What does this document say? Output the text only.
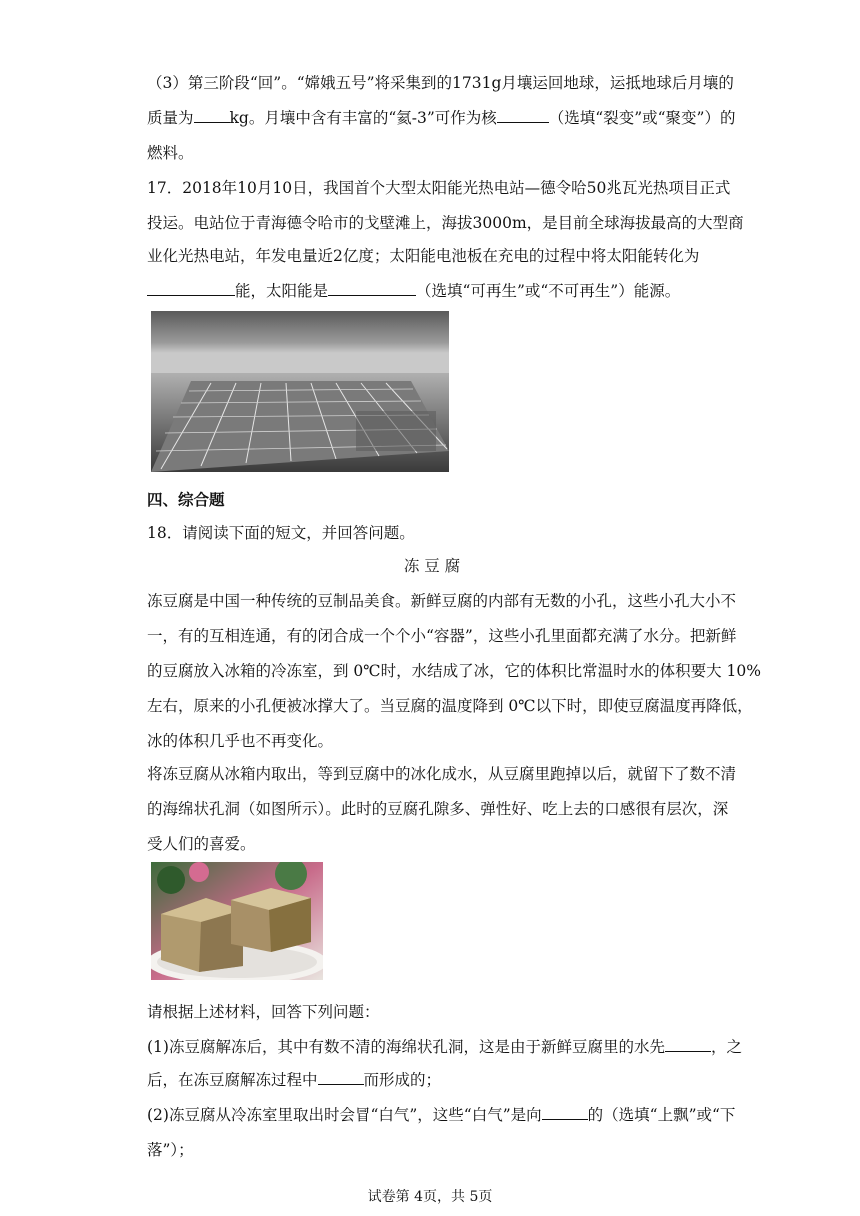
（3）第三阶段“回”。“嫦娥五号”将采集到的1731g月壤运回地球，运抵地球后月壤的
质量为 kg。月壤中含有丰富的“氦-3”可作为核	（选填“裂变”或“聚变”）的
燃料。
17．2018年10月10日，我国首个大型太阳能光热电站—德令哈50兆瓦光热项目正式
投运。电站位于青海德令哈市的戈壁滩上，海拔3000m，是目前全球海拔最高的大型商
业化光热电站，年发电量近2亿度；太阳能电池板在充电的过程中将太阳能转化为
能，太阳能是	（选填“可再生”或“不可再生”）能源。
四、综合题
18．请阅读下面的短文，并回答问题。
冻 豆 腐
冻豆腐是中国一种传统的豆制品美食。新鲜豆腐的内部有无数的小孔，这些小孔大小不
一，有的互相连通，有的闭合成一个个小“容器”，这些小孔里面都充满了水分。把新鲜
的豆腐放入冰箱的冷冻室，到 0℃时，水结成了冰，它的体积比常温时水的体积要大 10%
左右，原来的小孔便被冰撑大了。当豆腐的温度降到 0℃以下时，即使豆腐温度再降低，
冰的体积几乎也不再变化。
将冻豆腐从冰箱内取出，等到豆腐中的冰化成水，从豆腐里跑掉以后，就留下了数不清
的海绵状孔洞（如图所示）。此时的豆腐孔隙多、弹性好、吃上去的口感很有层次，深
受人们的喜爱。
请根据上述材料，回答下列问题：
(1)冻豆腐解冻后，其中有数不清的海绵状孔洞，这是由于新鲜豆腐里的水先	，之
后，在冻豆腐解冻过程中	而形成的；
(2)冻豆腐从冷冻室里取出时会冒“白气”，这些“白气”是向	的（选填“上飘”或“下
落”）；
试卷第 4页，共 5页
